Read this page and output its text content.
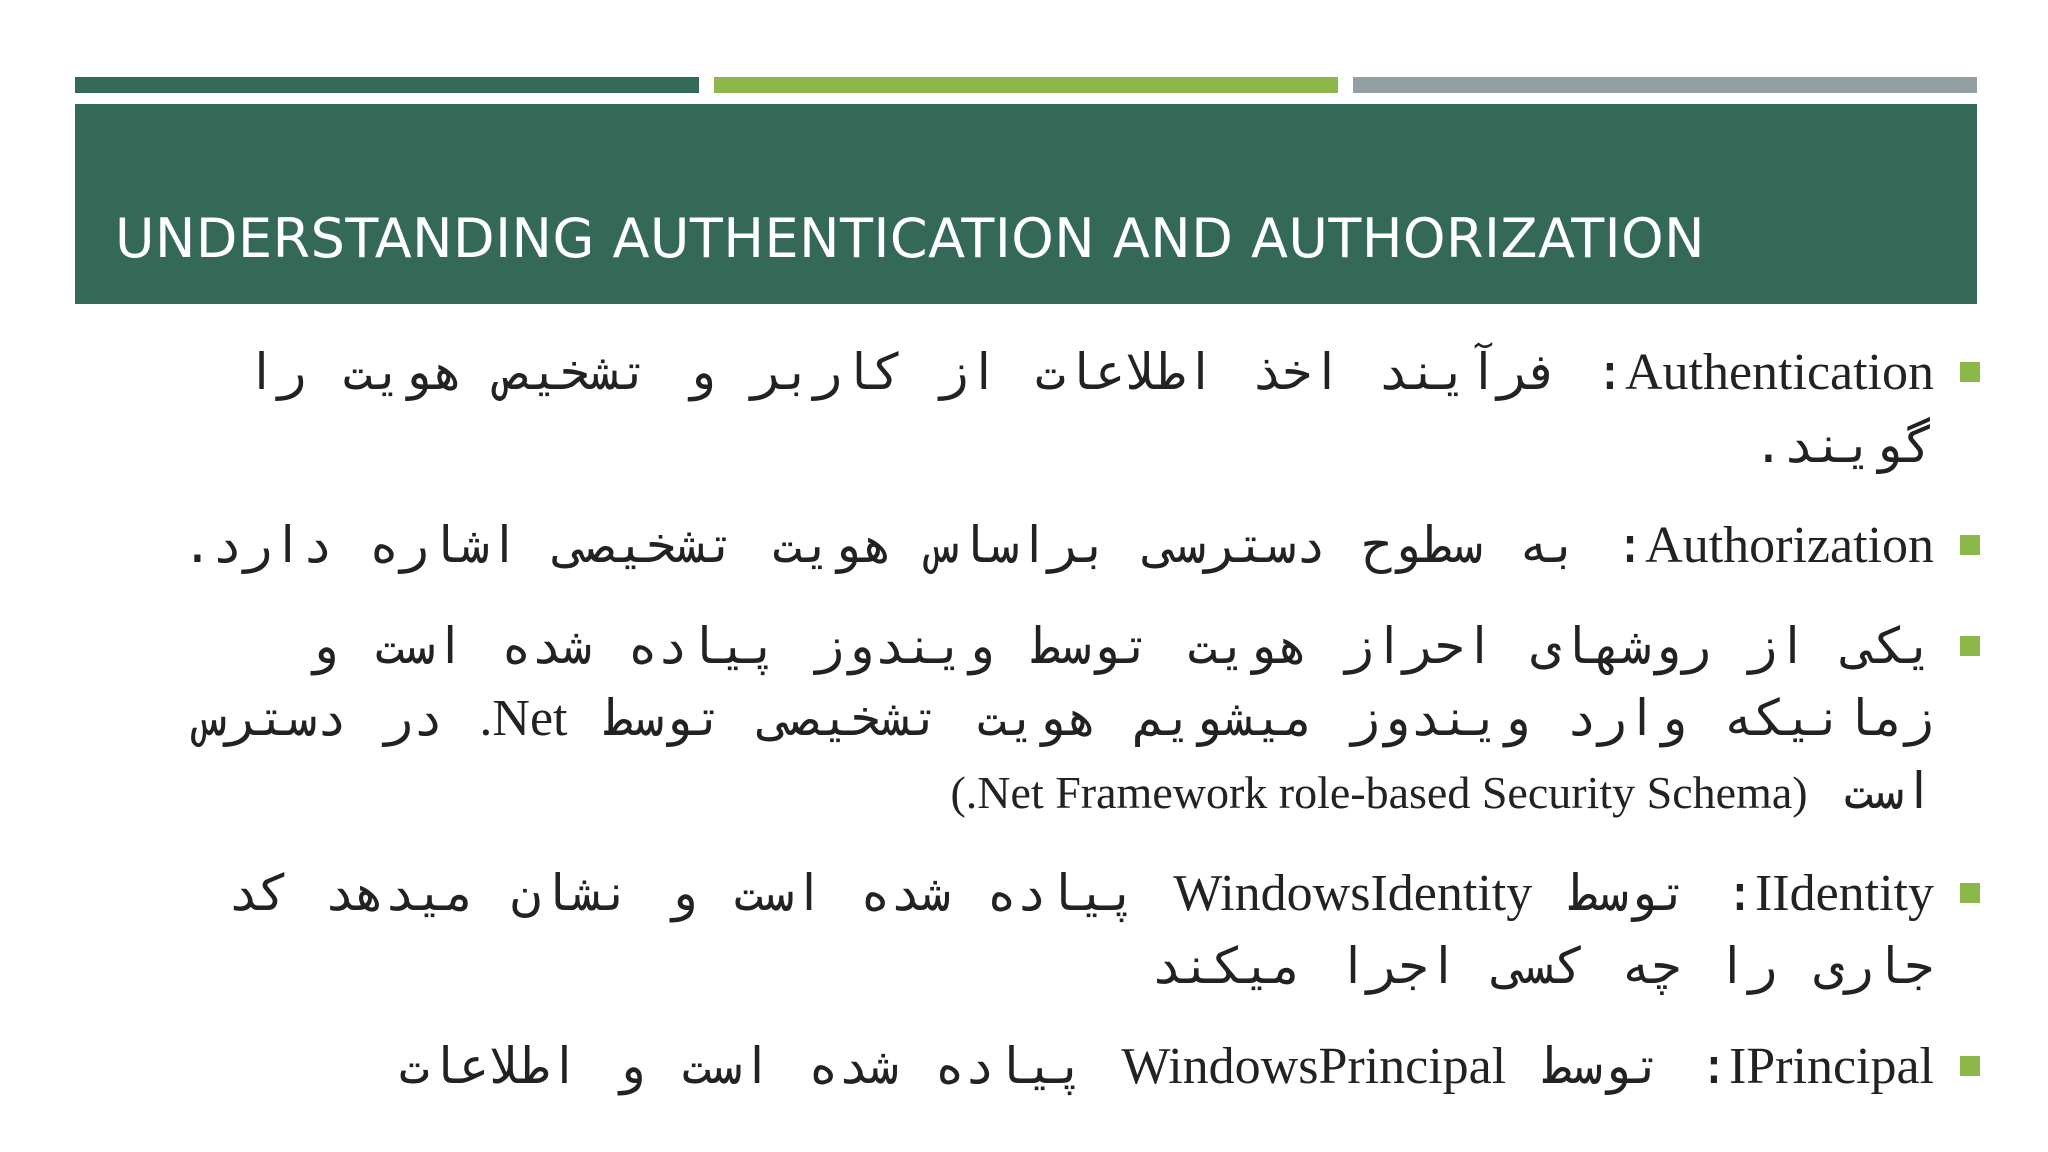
UNDERSTANDING AUTHENTICATION AND AUTHORIZATION
Authentication: فرآیند اخذ اطلاعات از کاربر و تشخیص هویت را گویند.
Authorization: به سطوح دسترسی براساس هویت تشخیصی اشاره دارد.
یکی از روشهای احراز هویت توسط ویندوز پیاده شده است و زمانیکه وارد ویندوز میشویم هویت تشخیصی توسط .Net در دسترس است (.Net Framework role-based Security Schema)
IIdentity: توسط WindowsIdentity پیاده شده است و نشان میدهد کد جاری را چه کسی اجرا میکند
IPrincipal: توسط WindowsPrincipal پیاده شده است و اطلاعات
